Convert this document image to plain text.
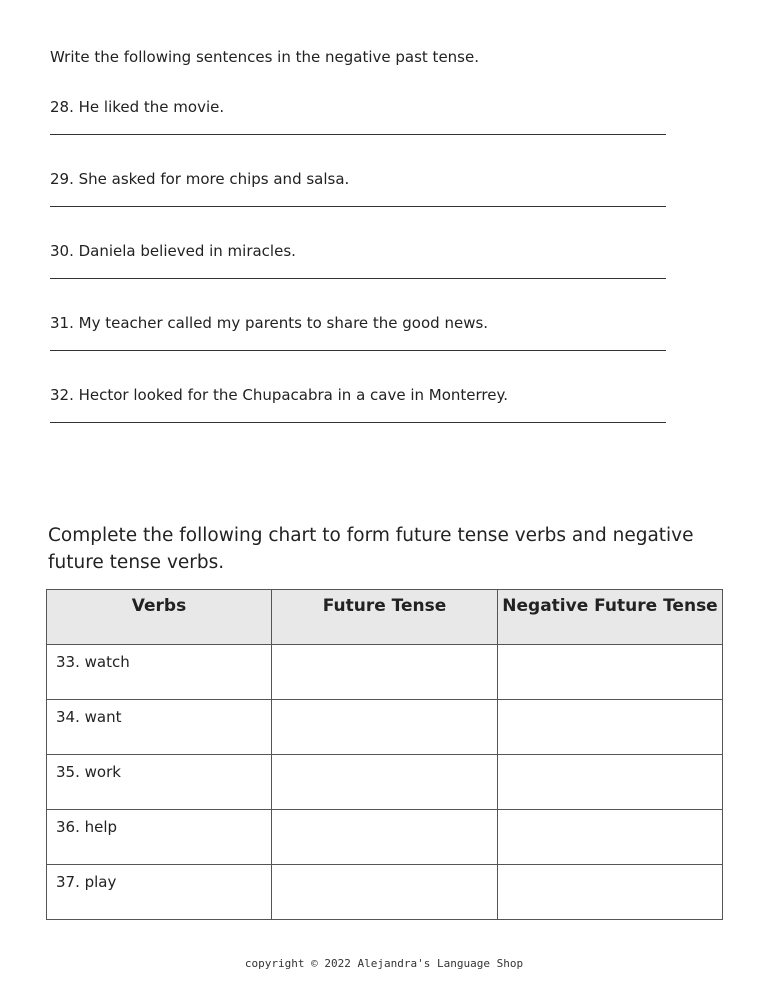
Write the following sentences in the negative past tense.

28. He liked the movie.
29. She asked for more chips and salsa.
30. Daniela believed in miracles.
31. My teacher called my parents to share the good news.
32. Hector looked for the Chupacabra in a cave in Monterrey.

Complete the following chart to form future tense verbs and negative future tense verbs.

Verbs	Future Tense	Negative Future Tense
33. watch		
34. want		
35. work		
36. help		
37. play		
copyright © 2022 Alejandra's Language Shop
